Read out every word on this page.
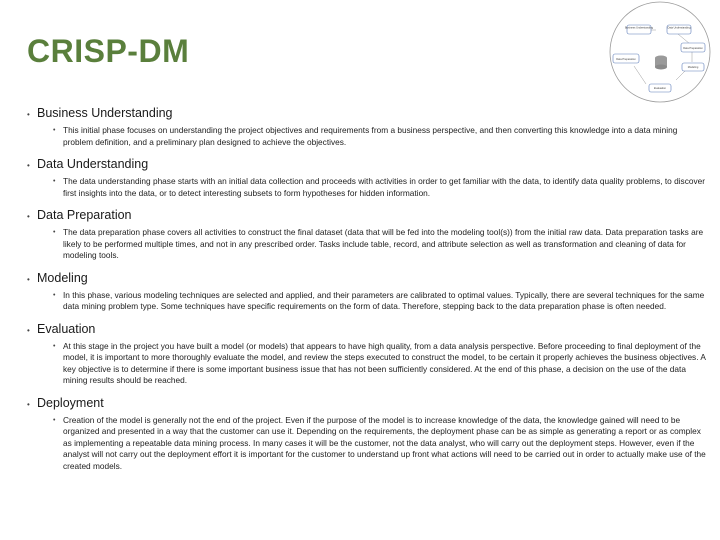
CRISP-DM
Business Understanding	Data Understanding
Data Preparation
Data Preparation
Modeling
Evaluation
• Business Understanding
• This initial phase focuses on understanding the project objectives and requirements from a business perspective, and then converting this knowledge into a data mining problem definition, and a preliminary plan designed to achieve the objectives.
• Data Understanding
• The data understanding phase starts with an initial data collection and proceeds with activities in order to get familiar with the data, to identify data quality problems, to discover first insights into the data, or to detect interesting subsets to form hypotheses for hidden information.
• Data Preparation
• The data preparation phase covers all activities to construct the final dataset (data that will be fed into the modeling tool(s)) from the initial raw data. Data preparation tasks are likely to be performed multiple times, and not in any prescribed order. Tasks include table, record, and attribute selection as well as transformation and cleaning of data for modeling tools.
• Modeling
• In this phase, various modeling techniques are selected and applied, and their parameters are calibrated to optimal values. Typically, there are several techniques for the same data mining problem type. Some techniques have specific requirements on the form of data. Therefore, stepping back to the data preparation phase is often needed.
• Evaluation
• At this stage in the project you have built a model (or models) that appears to have high quality, from a data analysis perspective. Before proceeding to final deployment of the model, it is important to more thoroughly evaluate the model, and review the steps executed to construct the model, to be certain it properly achieves the business objectives. A key objective is to determine if there is some important business issue that has not been sufficiently considered. At the end of this phase, a decision on the use of the data mining results should be reached.
• Deployment
• Creation of the model is generally not the end of the project. Even if the purpose of the model is to increase knowledge of the data, the knowledge gained will need to be organized and presented in a way that the customer can use it. Depending on the requirements, the deployment phase can be as simple as generating a report or as complex as implementing a repeatable data mining process. In many cases it will be the customer, not the data analyst, who will carry out the deployment steps. However, even if the analyst will not carry out the deployment effort it is important for the customer to understand up front what actions will need to be carried out in order to actually make use of the created models.
